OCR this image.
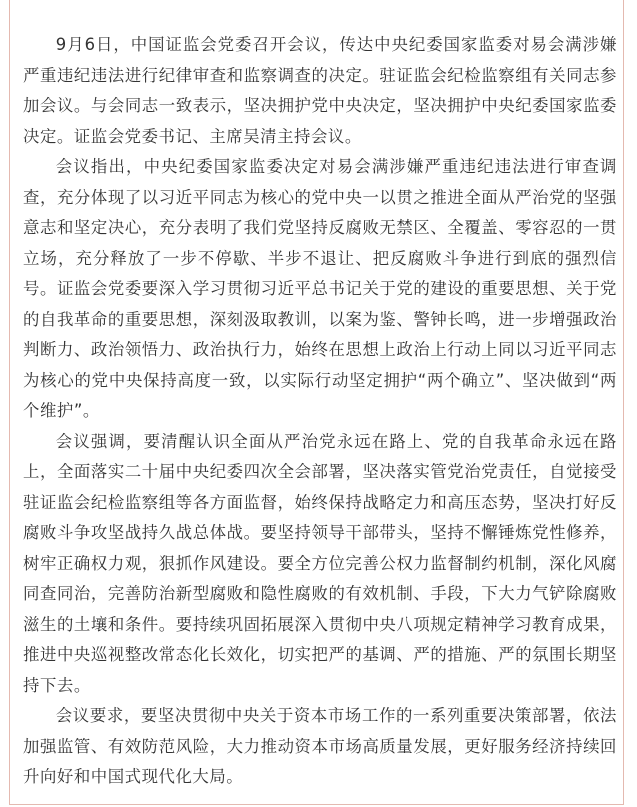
9月6日，中国证监会党委召开会议，传达中央纪委国家监委对易会满涉嫌严重违纪违法进行纪律审查和监察调查的决定。驻证监会纪检监察组有关同志参加会议。与会同志一致表示，坚决拥护党中央决定，坚决拥护中央纪委国家监委决定。证监会党委书记、主席吴清主持会议。

会议指出，中央纪委国家监委决定对易会满涉嫌严重违纪违法进行审查调查，充分体现了以习近平同志为核心的党中央一以贯之推进全面从严治党的坚强意志和坚定决心，充分表明了我们党坚持反腐败无禁区、全覆盖、零容忍的一贯立场，充分释放了一步不停歇、半步不退让、把反腐败斗争进行到底的强烈信号。证监会党委要深入学习贯彻习近平总书记关于党的建设的重要思想、关于党的自我革命的重要思想，深刻汲取教训，以案为鉴、警钟长鸣，进一步增强政治判断力、政治领悟力、政治执行力，始终在思想上政治上行动上同以习近平同志为核心的党中央保持高度一致，以实际行动坚定拥护“两个确立”、坚决做到“两个维护”。

会议强调，要清醒认识全面从严治党永远在路上、党的自我革命永远在路上，全面落实二十届中央纪委四次全会部署，坚决落实管党治党责任，自觉接受驻证监会纪检监察组等各方面监督，始终保持战略定力和高压态势，坚决打好反腐败斗争攻坚战持久战总体战。要坚持领导干部带头，坚持不懈锤炼党性修养，树牢正确权力观，狠抓作风建设。要全方位完善公权力监督制约机制，深化风腐同查同治，完善防治新型腐败和隐性腐败的有效机制、手段，下大力气铲除腐败滋生的土壤和条件。要持续巩固拓展深入贯彻中央八项规定精神学习教育成果，推进中央巡视整改常态化长效化，切实把严的基调、严的措施、严的氛围长期坚持下去。

会议要求，要坚决贯彻中央关于资本市场工作的一系列重要决策部署，依法加强监管、有效防范风险，大力推动资本市场高质量发展，更好服务经济持续回升向好和中国式现代化大局。
